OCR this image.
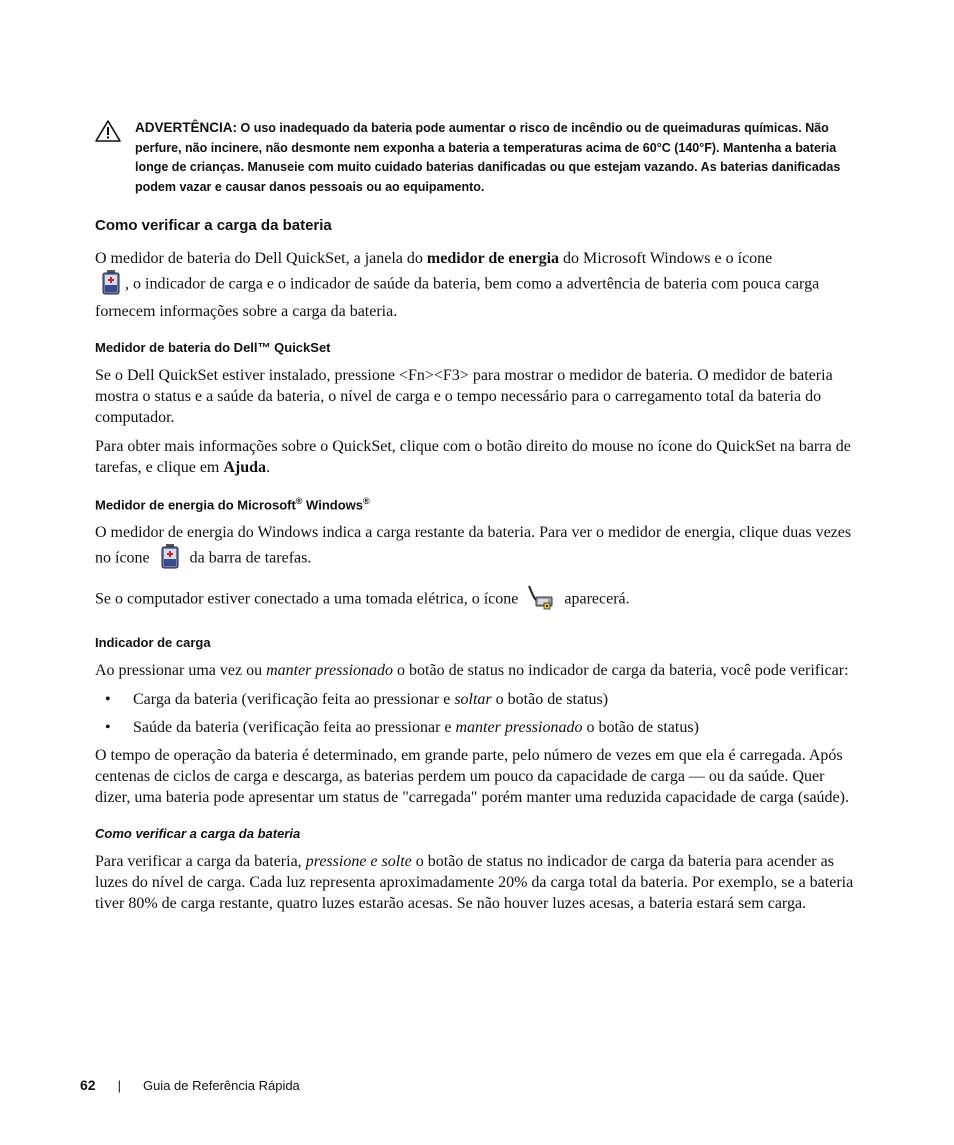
ADVERTÊNCIA: O uso inadequado da bateria pode aumentar o risco de incêndio ou de queimaduras químicas. Não perfure, não incinere, não desmonte nem exponha a bateria a temperaturas acima de 60°C (140°F). Mantenha a bateria longe de crianças. Manuseie com muito cuidado baterias danificadas ou que estejam vazando. As baterias danificadas podem vazar e causar danos pessoais ou ao equipamento.
Como verificar a carga da bateria

O medidor de bateria do Dell QuickSet, a janela do medidor de energia do Microsoft Windows e o ícone
, o indicador de carga e o indicador de saúde da bateria, bem como a advertência de bateria com pouca carga fornecem informações sobre a carga da bateria.

Medidor de bateria do Dell™ QuickSet

Se o Dell QuickSet estiver instalado, pressione <Fn><F3> para mostrar o medidor de bateria. O medidor de bateria mostra o status e a saúde da bateria, o nível de carga e o tempo necessário para o carregamento total da bateria do computador.

Para obter mais informações sobre o QuickSet, clique com o botão direito do mouse no ícone do QuickSet na barra de tarefas, e clique em Ajuda.

Medidor de energia do Microsoft® Windows®

O medidor de energia do Windows indica a carga restante da bateria. Para ver o medidor de energia, clique duas vezes no ícone  da barra de tarefas.

Se o computador estiver conectado a uma tomada elétrica, o ícone  aparecerá.

Indicador de carga

Ao pressionar uma vez ou manter pressionado o botão de status no indicador de carga da bateria, você pode verificar:

• Carga da bateria (verificação feita ao pressionar e soltar o botão de status)
• Saúde da bateria (verificação feita ao pressionar e manter pressionado o botão de status)

O tempo de operação da bateria é determinado, em grande parte, pelo número de vezes em que ela é carregada. Após centenas de ciclos de carga e descarga, as baterias perdem um pouco da capacidade de carga — ou da saúde. Quer dizer, uma bateria pode apresentar um status de "carregada" porém manter uma reduzida capacidade de carga (saúde).

Como verificar a carga da bateria

Para verificar a carga da bateria, pressione e solte o botão de status no indicador de carga da bateria para acender as luzes do nível de carga. Cada luz representa aproximadamente 20% da carga total da bateria. Por exemplo, se a bateria tiver 80% de carga restante, quatro luzes estarão acesas. Se não houver luzes acesas, a bateria estará sem carga.

62 | Guia de Referência Rápida
